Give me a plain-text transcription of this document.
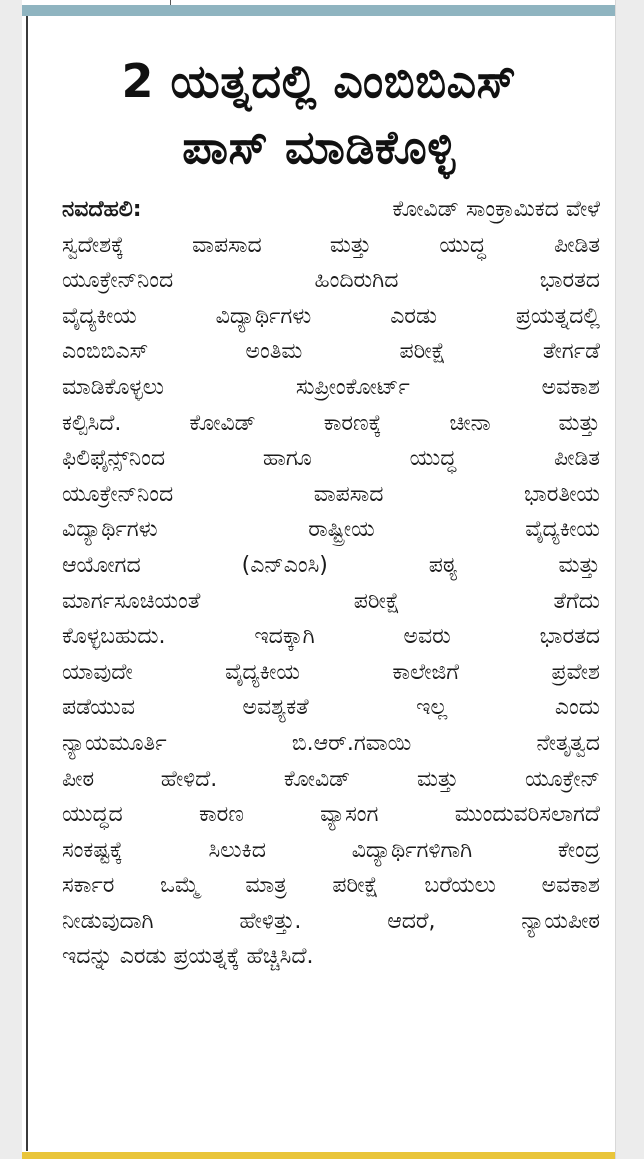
2 ಯತ್ನದಲ್ಲಿ ಎಂಬಿಬಿಎಸ್
ಪಾಸ್ ಮಾಡಿಕೊಳ್ಳಿ
ನವದೆಹಲಿ:	ಕೋವಿಡ್ ಸಾಂಕ್ರಾಮಿಕದ ವೇಳೆ
ಸ್ವದೇಶಕ್ಕೆ	ವಾಪಸಾದ	ಮತ್ತು	ಯುದ್ಧ	ಪೀಡಿತ
ಯೂಕ್ರೇನ್‌ನಿಂದ	ಹಿಂದಿರುಗಿದ	ಭಾರತದ
ವೈದ್ಯಕೀಯ	ವಿದ್ಯಾರ್ಥಿಗಳು	ಎರಡು	ಪ್ರಯತ್ನದಲ್ಲಿ
ಎಂಬಿಬಿಎಸ್	ಅಂತಿಮ	ಪರೀಕ್ಷೆ	ತೇರ್ಗಡೆ
ಮಾಡಿಕೊಳ್ಳಲು	ಸುಪ್ರೀಂಕೋರ್ಟ್	ಅವಕಾಶ
ಕಲ್ಪಿಸಿದೆ.	ಕೋವಿಡ್	ಕಾರಣಕ್ಕೆ	ಚೀನಾ	ಮತ್ತು
ಫಿಲಿಫೈನ್ಸ್‌ನಿಂದ	ಹಾಗೂ	ಯುದ್ಧ	ಪೀಡಿತ
ಯೂಕ್ರೇನ್‌ನಿಂದ	ವಾಪಸಾದ	ಭಾರತೀಯ
ವಿದ್ಯಾರ್ಥಿಗಳು	ರಾಷ್ಟ್ರೀಯ	ವೈದ್ಯಕೀಯ
ಆಯೋಗದ	(ಎನ್‌ಎಂಸಿ)	ಪಠ್ಯ	ಮತ್ತು
ಮಾರ್ಗಸೂಚಿಯಂತೆ	ಪರೀಕ್ಷೆ	ತೆಗೆದು
ಕೊಳ್ಳಬಹುದು.	ಇದಕ್ಕಾಗಿ	ಅವರು	ಭಾರತದ
ಯಾವುದೇ	ವೈದ್ಯಕೀಯ	ಕಾಲೇಜಿಗೆ	ಪ್ರವೇಶ
ಪಡೆಯುವ	ಅವಶ್ಯಕತೆ	ಇಲ್ಲ	ಎಂದು
ನ್ಯಾಯಮೂರ್ತಿ	ಬಿ.ಆರ್.ಗವಾಯಿ	ನೇತೃತ್ವದ
ಪೀಠ	ಹೇಳಿದೆ.	ಕೋವಿಡ್	ಮತ್ತು	ಯೂಕ್ರೇನ್
ಯುದ್ಧದ	ಕಾರಣ	ವ್ಯಾಸಂಗ	ಮುಂದುವರಿಸಲಾಗದೆ
ಸಂಕಷ್ಟಕ್ಕೆ	ಸಿಲುಕಿದ	ವಿದ್ಯಾರ್ಥಿಗಳಿಗಾಗಿ	ಕೇಂದ್ರ
ಸರ್ಕಾರ ಒಮ್ಮೆ ಮಾತ್ರ ಪರೀಕ್ಷೆ ಬರೆಯಲು ಅವಕಾಶ
ನೀಡುವುದಾಗಿ	ಹೇಳಿತ್ತು.	ಆದರೆ,	ನ್ಯಾಯಪೀಠ
ಇದನ್ನು ಎರಡು ಪ್ರಯತ್ನಕ್ಕೆ ಹೆಚ್ಚಿಸಿದೆ.
